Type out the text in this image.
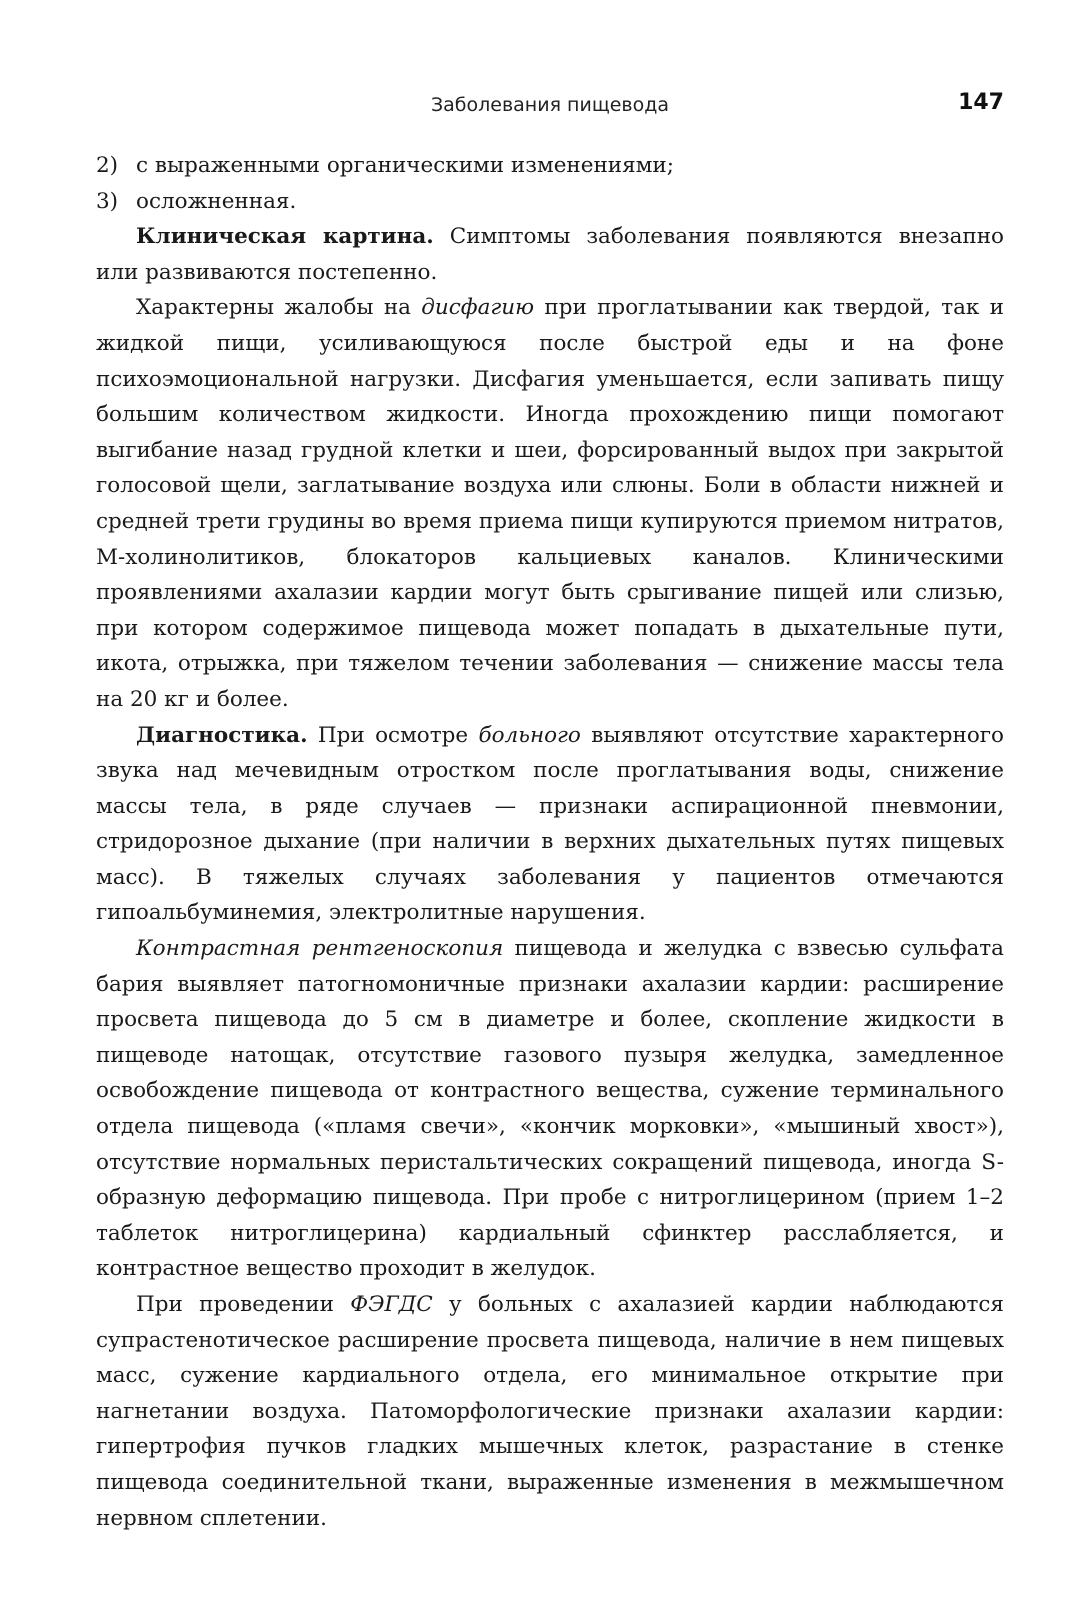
Заболевания пищевода	147
2) с выраженными органическими изменениями;
3) осложненная.

Клиническая картина. Симптомы заболевания появляются внезапно или развиваются постепенно.

Характерны жалобы на дисфагию при проглатывании как твердой, так и жидкой пищи, усиливающуюся после быстрой еды и на фоне психоэмоциональной нагрузки. Дисфагия уменьшается, если запивать пищу большим количеством жидкости. Иногда прохождению пищи помогают выгибание назад грудной клетки и шеи, форсированный выдох при закрытой голосовой щели, заглатывание воздуха или слюны. Боли в области нижней и средней трети грудины во время приема пищи купируются приемом нитратов, М-холинолитиков, блокаторов кальциевых каналов. Клиническими проявлениями ахалазии кардии могут быть срыгивание пищей или слизью, при котором содержимое пищевода может попадать в дыхательные пути, икота, отрыжка, при тяжелом течении заболевания — снижение массы тела на 20 кг и более.

Диагностика. При осмотре больного выявляют отсутствие характерного звука над мечевидным отростком после проглатывания воды, снижение массы тела, в ряде случаев — признаки аспирационной пневмонии, стридорозное дыхание (при наличии в верхних дыхательных путях пищевых масс). В тяжелых случаях заболевания у пациентов отмечаются гипоальбуминемия, электролитные нарушения.

Контрастная рентгеноскопия пищевода и желудка с взвесью сульфата бария выявляет патогномоничные признаки ахалазии кардии: расширение просвета пищевода до 5 см в диаметре и более, скопление жидкости в пищеводе натощак, отсутствие газового пузыря желудка, замедленное освобождение пищевода от контрастного вещества, сужение терминального отдела пищевода («пламя свечи», «кончик морковки», «мышиный хвост»), отсутствие нормальных перистальтических сокращений пищевода, иногда S-образную деформацию пищевода. При пробе с нитроглицерином (прием 1–2 таблеток нитроглицерина) кардиальный сфинктер расслабляется, и контрастное вещество проходит в желудок.

При проведении ФЭГДС у больных с ахалазией кардии наблюдаются супрастенотическое расширение просвета пищевода, наличие в нем пищевых масс, сужение кардиального отдела, его минимальное открытие при нагнетании воздуха. Патоморфологические признаки ахалазии кардии: гипертрофия пучков гладких мышечных клеток, разрастание в стенке пищевода соединительной ткани, выраженные изменения в межмышечном нервном сплетении.
